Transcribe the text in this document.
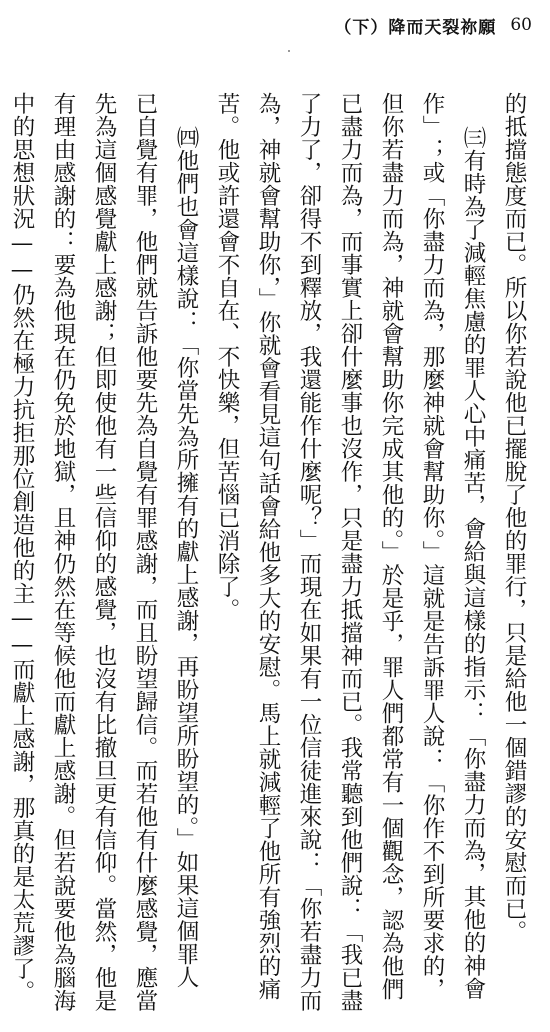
（下）降而天裂祢願 60
的抵擋態度而已。所以你若說他已擺脫了他的罪行，只是給他一個錯謬的安慰而已。
㈢有時為了減輕焦慮的罪人心中痛苦，會給與這樣的指示：「你盡力而為，其他的神會
作」；或「你盡力而為，那麼神就會幫助你。」這就是告訴罪人說：「你作不到所要求的，
但你若盡力而為，神就會幫助你完成其他的。」於是乎，罪人們都常有一個觀念，認為他們
已盡力而為，而事實上卻什麼事也沒作，只是盡力抵擋神而已。我常聽到他們說：「我已盡
了力了，卻得不到釋放，我還能作什麼呢？」而現在如果有一位信徒進來說：「你若盡力而
為，神就會幫助你，」你就會看見這句話會給他多大的安慰。馬上就減輕了他所有強烈的痛
苦。他或許還會不自在、不快樂，但苦惱已消除了。
㈣他們也會這樣說：「你當先為所擁有的獻上感謝，再盼望所盼望的。」如果這個罪人
已自覺有罪，他們就告訴他要先為自覺有罪感謝，而且盼望歸信。而若他有什麼感覺，應當
先為這個感覺獻上感謝；但即使他有一些信仰的感覺，也沒有比撤旦更有信仰。當然，他是
有理由感謝的：要為他現在仍免於地獄，且神仍然在等候他而獻上感謝。但若說要他為腦海
中的思想狀況——仍然在極力抗拒那位創造他的主——而獻上感謝，那真的是太荒謬了。
